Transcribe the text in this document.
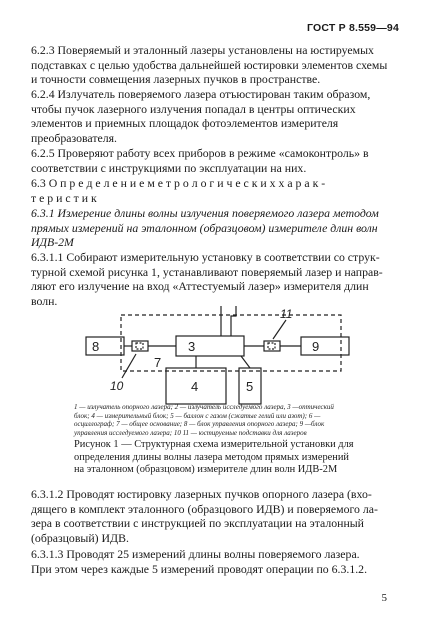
ГОСТ Р 8.559—94
6.2.3 Поверяемый и эталонный лазеры установлены на юстируемых
подставках с целью удобства дальнейшей юстировки элементов схемы
и точности совмещения лазерных пучков в пространстве.
6.2.4 Излучатель поверяемого лазера отъюстирован таким образом,
чтобы пучок лазерного излучения попадал в центры оптических
элементов и приемных площадок фотоэлементов измерителя
преобразователя.
6.2.5 Проверяют работу всех приборов в режиме «самоконтроль» в
соответствии с инструкциями по эксплуатации на них.
6.3 О п р е д е л е н и е м е т р о л о г и ч е с к и х х а р а к -
т е р и с т и к
6.3.1 Измерение длины волны излучения поверяемого лазера методом
прямых измерений на эталонном (образцовом) измерителе длин волн
ИДВ-2М
6.3.1.1 Собирают измерительную установку в соответствии со струк-
турной схемой рисунка 1, устанавливают поверяемый лазер и направ-
ляют его излучение на вход «Аттестуемый лазер» измерителя длин
волн.
8	3	9
4	5
7
10
11
1 — излучатель опорного лазера; 2 — излучатель исследуемого лазера, 3 —оптический
блок; 4 — измерительный блок; 5 — баллон с газом (сжатые гелий или азот); 6 —
осциллограф; 7 — общее основание; 8 — блок управления опорного лазера; 9 —блок
управления исследуемого лазера; 10 11 — юстируемые подставки для лазеров
Рисунок 1 — Структурная схема измерительной установки для
определения длины волны лазера методом прямых измерений
на эталонном (образцовом) измерителе длин волн ИДВ-2М
6.3.1.2 Проводят юстировку лазерных пучков опорного лазера (вхо-
дящего в комплект эталонного (образцового ИДВ) и поверяемого ла-
зера в соответствии с инструкцией по эксплуатации на эталонный
(образцовый) ИДВ.
6.3.1.3 Проводят 25 измерений длины волны поверяемого лазера.
При этом через каждые 5 измерений проводят операции по 6.3.1.2.
5
